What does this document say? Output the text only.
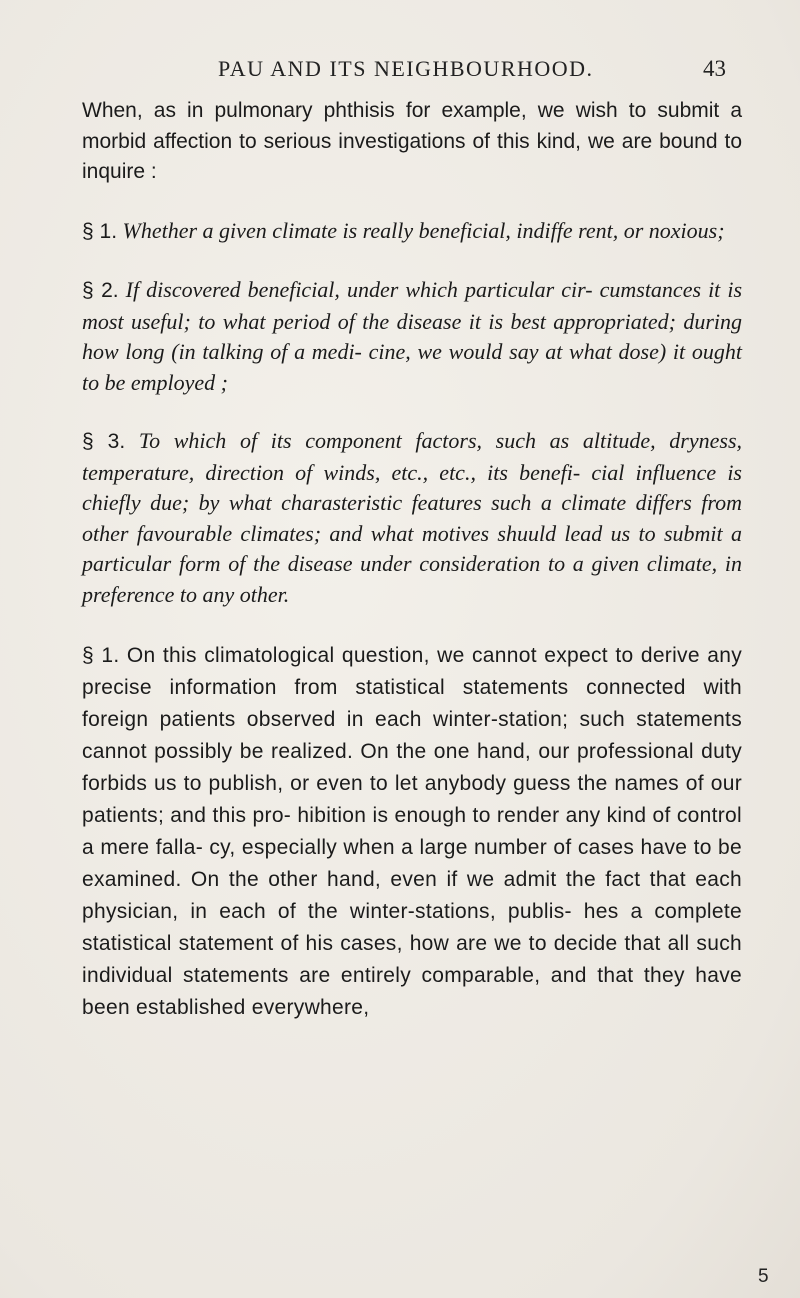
PAU AND ITS NEIGHBOURHOOD.	43

When, as in pulmonary phthisis for example, we wish to submit a morbid affection to serious investigations of this kind, we are bound to inquire :

§ 1. Whether a given climate is really beneficial, indiffe rent, or noxious;

§ 2. If discovered beneficial, under which particular cir- cumstances it is most useful; to what period of the disease it is best appropriated; during how long (in talking of a medi- cine, we would say at what dose) it ought to be employed ;

§ 3. To which of its component factors, such as altitude, dryness, temperature, direction of winds, etc., etc., its benefi- cial influence is chiefly due; by what charasteristic features such a climate differs from other favourable climates; and what motives shuuld lead us to submit a particular form of the disease under consideration to a given climate, in preference to any other.

§ 1. On this climatological question, we cannot expect to derive any precise information from statistical statements connected with foreign patients observed in each winter-station; such statements cannot possibly be realized. On the one hand, our professional duty forbids us to publish, or even to let anybody guess the names of our patients; and this pro- hibition is enough to render any kind of control a mere falla- cy, especially when a large number of cases have to be examined. On the other hand, even if we admit the fact that each physician, in each of the winter-stations, publis- hes a complete statistical statement of his cases, how are we to decide that all such individual statements are entirely comparable, and that they have been established everywhere,

5
